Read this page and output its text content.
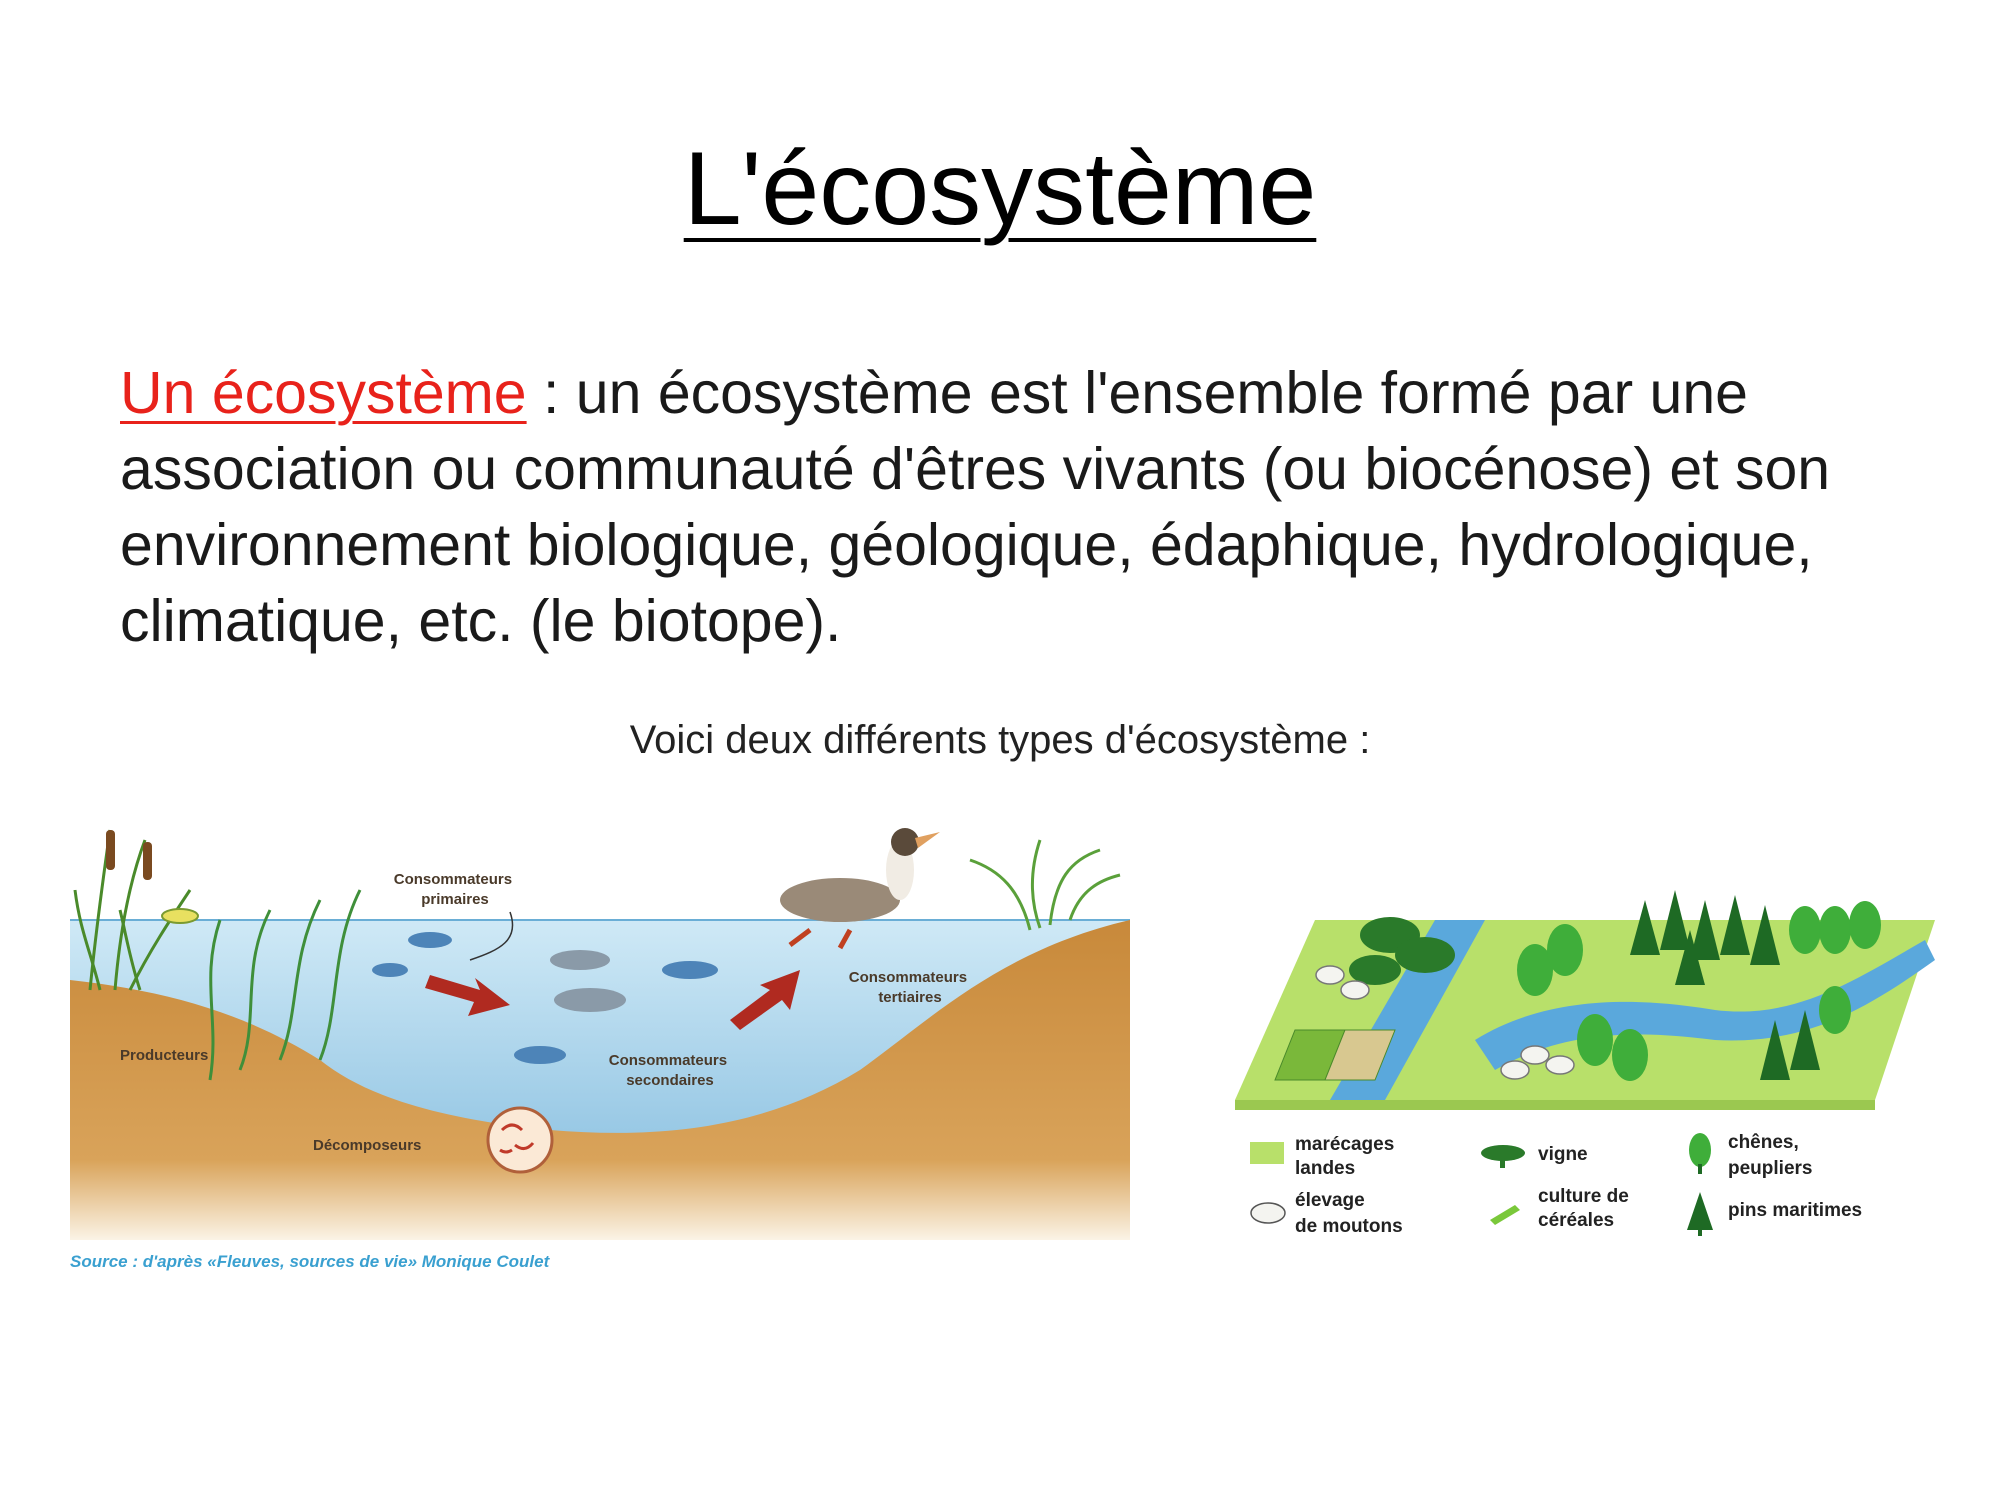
L'écosystème

Un écosystème : un écosystème est l'ensemble formé par une association ou communauté d'êtres vivants (ou biocénose) et son environnement biologique, géologique, édaphique, hydrologique, climatique, etc. (le biotope).

Voici deux différents types d'écosystème :
Consommateurs primaires
Consommateurs tertiaires
Consommateurs secondaires
Producteurs
Décomposeurs
Source : d'après «Fleuves, sources de vie» Monique Coulet
marécages landes
vigne
chênes, peupliers
élevage de moutons
culture de céréales	pins maritimes
